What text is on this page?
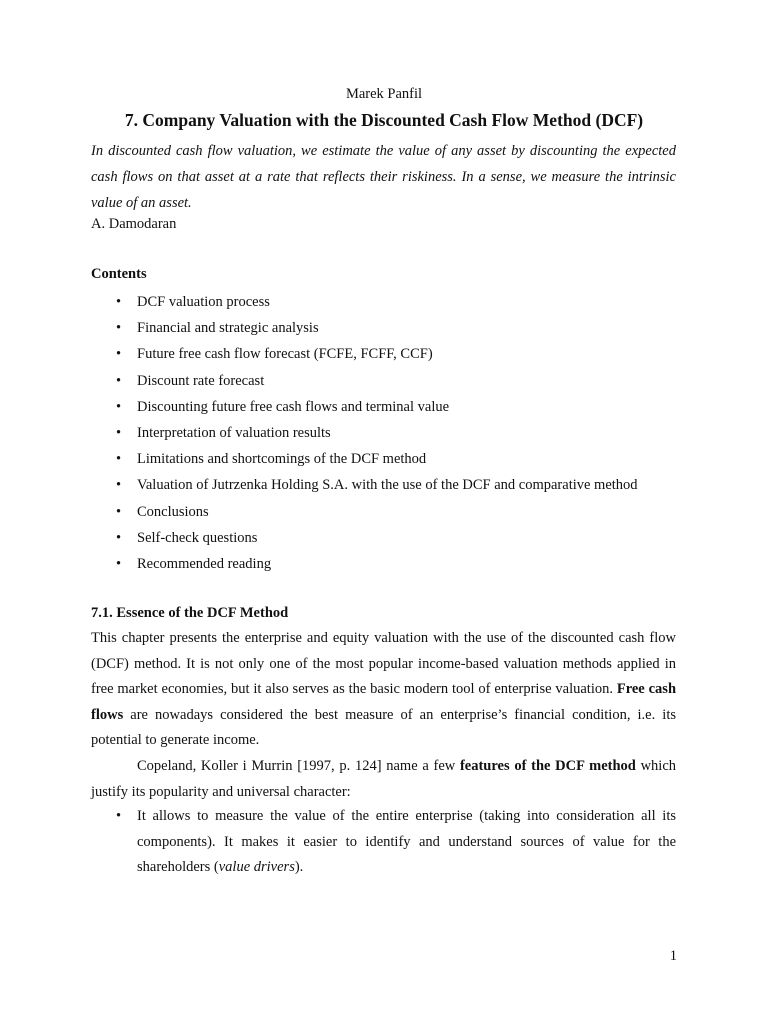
Marek Panfil
7. Company Valuation with the Discounted Cash Flow Method (DCF)
In discounted cash flow valuation, we estimate the value of any asset by discounting the expected cash flows on that asset at a rate that reflects their riskiness. In a sense, we measure the intrinsic value of an asset.
A. Damodaran
Contents
• DCF valuation process
• Financial and strategic analysis
• Future free cash flow forecast (FCFE, FCFF, CCF)
• Discount rate forecast
• Discounting future free cash flows and terminal value
• Interpretation of valuation results
• Limitations and shortcomings of the DCF method
• Valuation of Jutrzenka Holding S.A. with the use of the DCF and comparative method
• Conclusions
• Self-check questions
• Recommended reading
7.1. Essence of the DCF Method

This chapter presents the enterprise and equity valuation with the use of the discounted cash flow (DCF) method. It is not only one of the most popular income-based valuation methods applied in free market economies, but it also serves as the basic modern tool of enterprise valuation. Free cash flows are nowadays considered the best measure of an enterprise’s financial condition, i.e. its potential to generate income.

Copeland, Koller i Murrin [1997, p. 124] name a few features of the DCF method which justify its popularity and universal character:

• It allows to measure the value of the entire enterprise (taking into consideration all its components). It makes it easier to identify and understand sources of value for the shareholders (value drivers).
1
